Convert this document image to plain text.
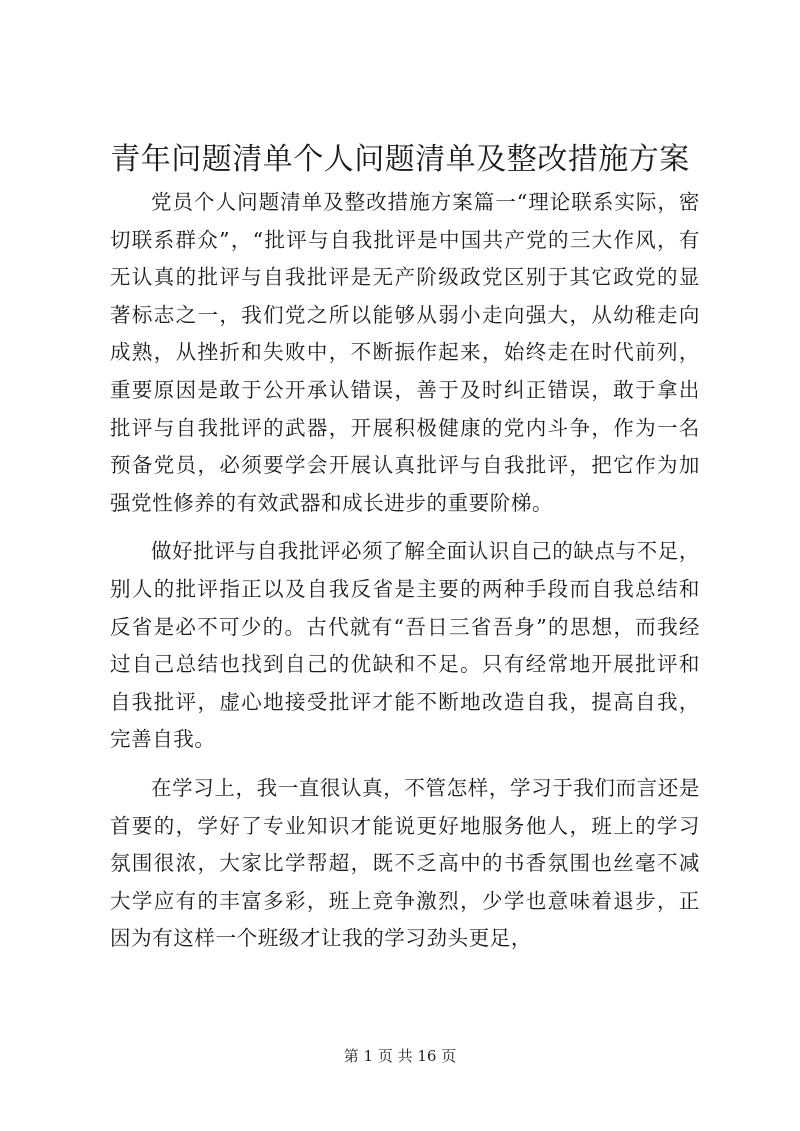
青年问题清单个人问题清单及整改措施方案

党员个人问题清单及整改措施方案篇一“理论联系实际，密切联系群众”，“批评与自我批评是中国共产党的三大作风，有无认真的批评与自我批评是无产阶级政党区别于其它政党的显著标志之一，我们党之所以能够从弱小走向强大，从幼稚走向成熟，从挫折和失败中，不断振作起来，始终走在时代前列，重要原因是敢于公开承认错误，善于及时纠正错误，敢于拿出批评与自我批评的武器，开展积极健康的党内斗争，作为一名预备党员，必须要学会开展认真批评与自我批评，把它作为加强党性修养的有效武器和成长进步的重要阶梯。

做好批评与自我批评必须了解全面认识自己的缺点与不足，别人的批评指正以及自我反省是主要的两种手段而自我总结和反省是必不可少的。古代就有“吾日三省吾身”的思想，而我经过自己总结也找到自己的优缺和不足。只有经常地开展批评和自我批评，虚心地接受批评才能不断地改造自我，提高自我，完善自我。

在学习上，我一直很认真，不管怎样，学习于我们而言还是首要的，学好了专业知识才能说更好地服务他人，班上的学习氛围很浓，大家比学帮超，既不乏高中的书香氛围也丝毫不减大学应有的丰富多彩，班上竞争激烈，少学也意味着退步，正因为有这样一个班级才让我的学习劲头更足，

第 1 页 共 16 页
